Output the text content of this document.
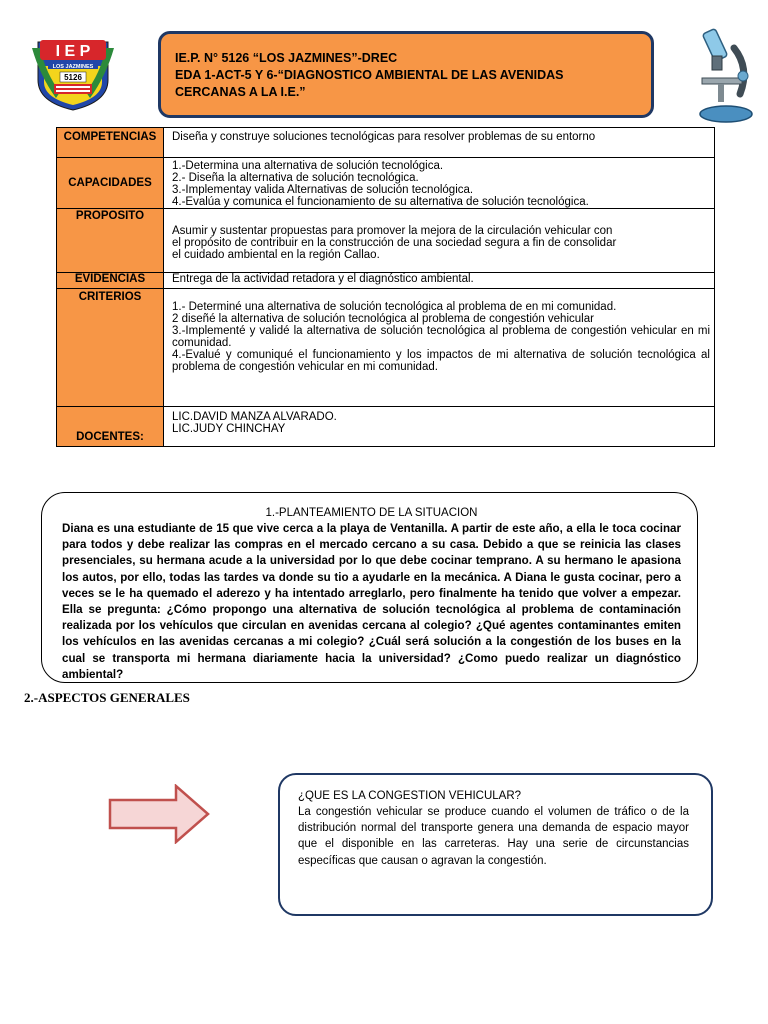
I E P
LOS JAZMINES
5126
IE.P. N° 5126 “LOS JAZMINES”-DREC
EDA 1-ACT-5 Y 6-“DIAGNOSTICO AMBIENTAL DE LAS AVENIDAS
CERCANAS A LA I.E.”
COMPETENCIAS	Diseña y construye soluciones tecnológicas para resolver problemas de su entorno
CAPACIDADES	1.-Determina una alternativa de solución tecnológica.
2.- Diseña la alternativa de solución tecnológica.
3.-Implementay valida Alternativas de solución tecnológica.
4.-Evalúa y comunica el funcionamiento de su alternativa de solución tecnológica.

PROPOSITO	Asumir y sustentar propuestas para promover la mejora de la circulación vehicular con
el propósito de contribuir en la construcción de una sociedad segura a fin de consolidar
el cuidado ambiental en la región Callao.

EVIDENCIAS	Entrega de la actividad retadora y el diagnóstico ambiental.
CRITERIOS	1.- Determiné una alternativa de solución tecnológica al problema de en mi comunidad.
2 diseñé la alternativa de solución tecnológica al problema de congestión vehicular
3.-Implementé y validé la alternativa de solución tecnológica al problema de congestión vehicular en mi comunidad.
4.-Evalué y comuniqué el funcionamiento y los impactos de mi alternativa de solución tecnológica al problema de congestión vehicular en mi comunidad.

DOCENTES:	LIC.DAVID MANZA ALVARADO.
LIC.JUDY CHINCHAY
1.-PLANTEAMIENTO DE LA SITUACION
Diana es una estudiante de 15 que vive cerca a la playa de Ventanilla. A partir de este año, a ella le toca cocinar para todos y debe realizar las compras en el mercado cercano a su casa. Debido a que se reinicia las clases presenciales, su hermana acude a la universidad por lo que debe cocinar temprano. A su hermano le apasiona los autos, por ello, todas las tardes va donde su tio a ayudarle en la mecánica. A Diana le gusta cocinar, pero a veces se le ha quemado el aderezo y ha intentado arreglarlo, pero finalmente ha tenido que volver a empezar. Ella se pregunta: ¿Cómo propongo una alternativa de solución tecnológica al problema de contaminación realizada por los vehículos que circulan en avenidas cercana al colegio? ¿Qué agentes contaminantes emiten los vehículos en las avenidas cercanas a mi colegio? ¿Cuál será solución a la congestión de los buses en la cual se transporta mi hermana diariamente hacia la universidad? ¿Como puedo realizar un diagnóstico ambiental?
2.-ASPECTOS GENERALES
¿QUE ES LA CONGESTION VEHICULAR?
La congestión vehicular se produce cuando el volumen de tráfico o de la distribución normal del transporte genera una demanda de espacio mayor que el disponible en las carreteras. Hay una serie de circunstancias específicas que causan o agravan la congestión.
